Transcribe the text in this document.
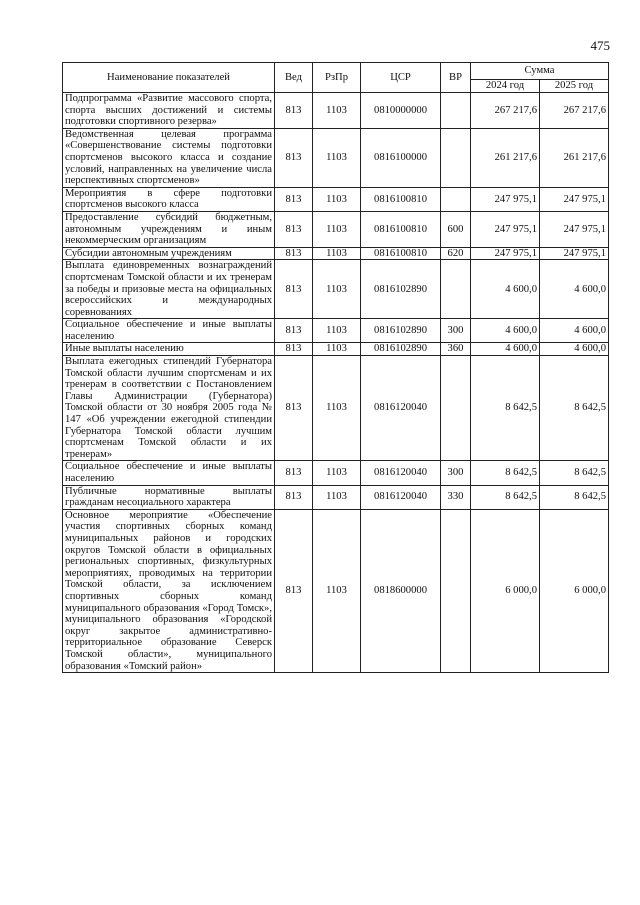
475
Наименование показателей	Вед	РзПр	ЦСР	ВР	Сумма	
					2024 год	2025 год
Подпрограмма «Развитие массового спорта, спорта высших достижений и системы подготовки спортивного резерва»	813	1103	0810000000		267 217,6	267 217,6
Ведомственная целевая программа «Совершенствование системы подготовки спортсменов высокого класса и создание условий, направленных на увеличение числа перспективных спортсменов»	813	1103	0816100000		261 217,6	261 217,6
Мероприятия в сфере подготовки спортсменов высокого класса	813	1103	0816100810		247 975,1	247 975,1
Предоставление субсидий бюджетным, автономным учреждениям и иным некоммерческим организациям	813	1103	0816100810	600	247 975,1	247 975,1
Субсидии автономным учреждениям	813	1103	0816100810	620	247 975,1	247 975,1
Выплата единовременных вознаграждений спортсменам Томской области и их тренерам за победы и призовые места на официальных всероссийских и международных соревнованиях	813	1103	0816102890		4 600,0	4 600,0
Социальное обеспечение и иные выплаты населению	813	1103	0816102890	300	4 600,0	4 600,0
Иные выплаты населению	813	1103	0816102890	360	4 600,0	4 600,0
Выплата ежегодных стипендий Губернатора Томской области лучшим спортсменам и их тренерам в соответствии с Постановлением Главы Администрации (Губернатора) Томской области от 30 ноября 2005 года № 147 «Об учреждении ежегодной стипендии Губернатора Томской области лучшим спортсменам Томской области и их тренерам»	813	1103	0816120040		8 642,5	8 642,5
Социальное обеспечение и иные выплаты населению	813	1103	0816120040	300	8 642,5	8 642,5
Публичные нормативные выплаты гражданам несоциального характера	813	1103	0816120040	330	8 642,5	8 642,5
Основное мероприятие «Обеспечение участия спортивных сборных команд муниципальных районов и городских округов Томской области в официальных региональных спортивных, физкультурных мероприятиях, проводимых на территории Томской области, за исключением спортивных сборных команд муниципального образования «Город Томск», муниципального образования «Городской округ закрытое административно-территориальное образование Северск Томской области», муниципального образования «Томский район»	813	1103	0818600000		6 000,0	6 000,0
